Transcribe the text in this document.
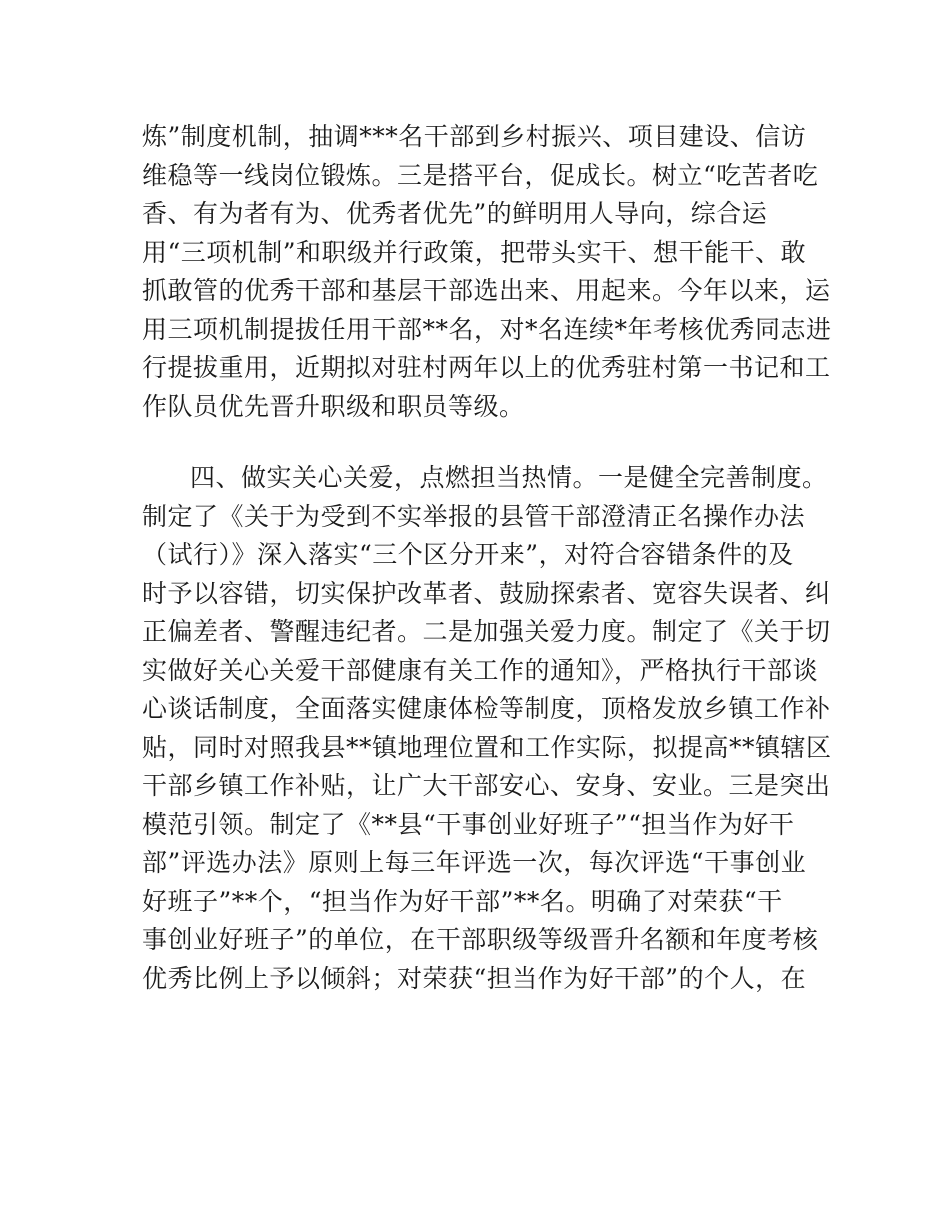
炼”制度机制，抽调***名干部到乡村振兴、项目建设、信访
维稳等一线岗位锻炼。三是搭平台，促成长。树立“吃苦者吃
香、有为者有为、优秀者优先”的鲜明用人导向，综合运
用“三项机制”和职级并行政策，把带头实干、想干能干、敢
抓敢管的优秀干部和基层干部选出来、用起来。今年以来，运
用三项机制提拔任用干部**名，对*名连续*年考核优秀同志进
行提拔重用，近期拟对驻村两年以上的优秀驻村第一书记和工
作队员优先晋升职级和职员等级。
四、做实关心关爱，点燃担当热情。一是健全完善制度。
制定了《关于为受到不实举报的县管干部澄清正名操作办法
（试行）》深入落实“三个区分开来”，对符合容错条件的及
时予以容错，切实保护改革者、鼓励探索者、宽容失误者、纠
正偏差者、警醒违纪者。二是加强关爱力度。制定了《关于切
实做好关心关爱干部健康有关工作的通知》，严格执行干部谈
心谈话制度，全面落实健康体检等制度，顶格发放乡镇工作补
贴，同时对照我县**镇地理位置和工作实际，拟提高**镇辖区
干部乡镇工作补贴，让广大干部安心、安身、安业。三是突出
模范引领。制定了《**县“干事创业好班子”“担当作为好干
部”评选办法》原则上每三年评选一次，每次评选“干事创业
好班子”**个，“担当作为好干部”**名。明确了对荣获“干
事创业好班子”的单位，在干部职级等级晋升名额和年度考核
优秀比例上予以倾斜；对荣获“担当作为好干部”的个人，在
